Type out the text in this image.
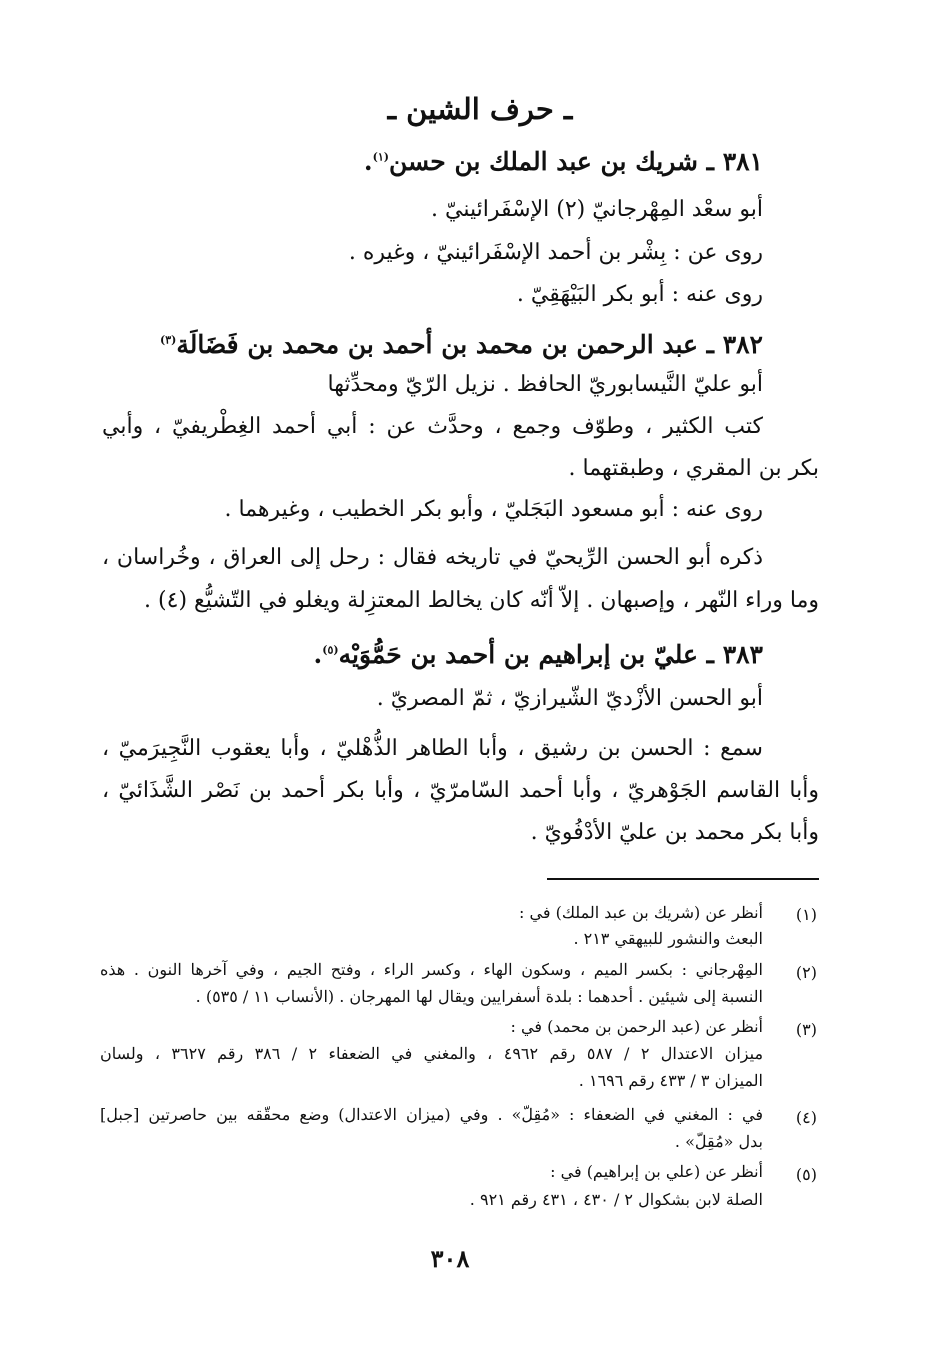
ـ حرف الشين ـ
٣٨١ ـ شريك بن عبد الملك بن حسن$^{(١)}$.
أبو سعْد المِهْرجانيّ (٢) الإسْفَرائينيّ .
روى عن : بِشْر بن أحمد الإسْفَرائينيّ ، وغيره .
روى عنه : أبو بكر البَيْهَقِيّ .
٣٨٢ ـ عبد الرحمن بن محمد بن أحمد بن محمد بن فَضَالَة$^{(٣)}$
أبو عليّ النَّيسابوريّ الحافظ . نزيل الرّيّ ومحدِّثها
كتب الكثير ، وطوّف وجمع ، وحدَّث عن : أبي أحمد الغِطْريفيّ ، وأبي
بكر بن المقري ، وطبقتهما .
روى عنه : أبو مسعود البَجَليّ ، وأبو بكر الخطيب ، وغيرهما .
ذكره أبو الحسن الرِّيحيّ في تاريخه فقال : رحل إلى العراق ، وخُراسان ،
وما وراء النّهر ، وإصبهان . إلاّ أنّه كان يخالط المعتزِلة ويغلو في التّشيُّع (٤) .
٣٨٣ ـ عليّ بن إبراهيم بن أحمد بن حَمُّوَيْه$^{(٥)}$.
أبو الحسن الأزْديّ الشّيرازيّ ، ثمّ المصريّ .
سمع : الحسن بن رشيق ، وأبا الطاهر الذُّهْليّ ، وأبا يعقوب النَّجِيرَميّ ،
وأبا القاسم الجَوْهريّ ، وأبا أحمد السّامرّيّ ، وأبا بكر أحمد بن نَصْر الشَّذَائيّ ،
وأبا بكر محمد بن عليّ الأدْفُويّ .
(١)
أنظر عن (شريك بن عبد الملك) في :
البعث والنشور للبيهقي ٢١٣ .
(٢)
المِهْرجاني : بكسر الميم ، وسكون الهاء ، وكسر الراء ، وفتح الجيم ، وفي آخرها النون . هذه
النسبة إلى شيئين . أحدهما : بلدة أسفرايين ويقال لها المهرجان . (الأنساب ١١ / ٥٣٥) .
(٣)
أنظر عن (عبد الرحمن بن محمد) في :
ميزان الاعتدال ٢ / ٥٨٧ رقم ٤٩٦٢ ، والمغني في الضعفاء ٢ / ٣٨٦ رقم ٣٦٢٧ ، ولسان
الميزان ٣ / ٤٣٣ رقم ١٦٩٦ .
(٤)
في : المغني في الضعفاء : «مُقِلّ» . وفي (ميزان الاعتدال) وضع محقّقه بين حاصرتين [جبل]
بدل «مُقِلّ» .
(٥)
أنظر عن (علي بن إبراهيم) في :
الصلة لابن بشكوال ٢ / ٤٣٠ ، ٤٣١ رقم ٩٢١ .
٣٠٨
